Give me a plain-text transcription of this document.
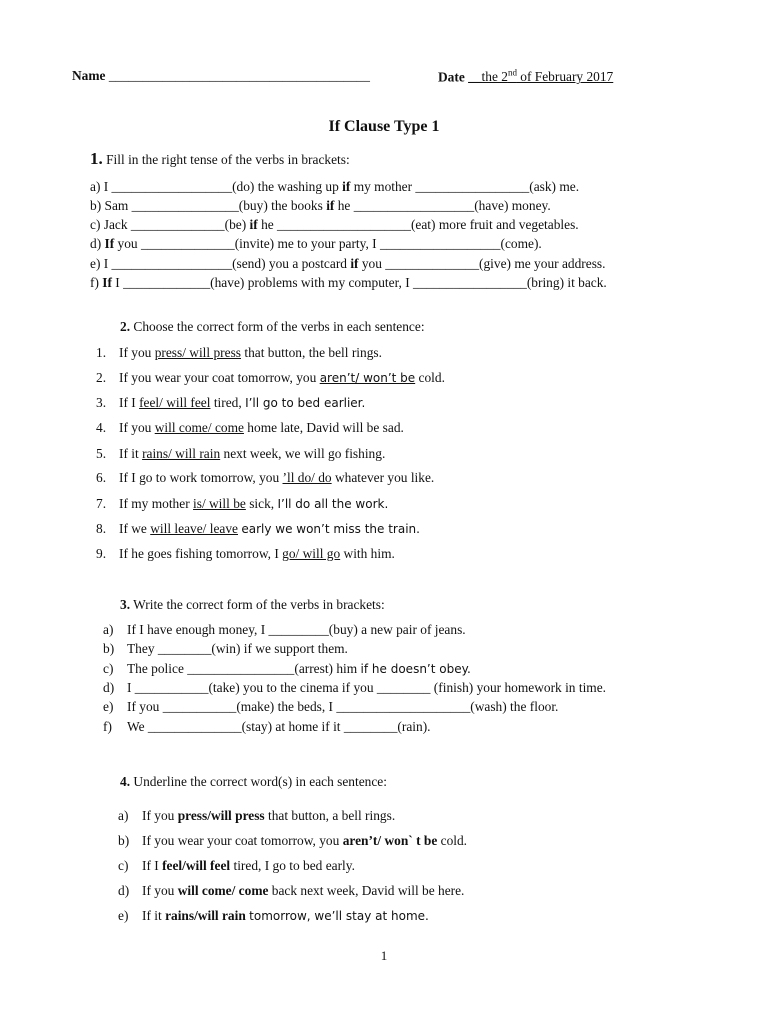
Name _______________________________________	Date __the 2nd of February 2017
If Clause Type 1
1. Fill in the right tense of the verbs in brackets:
a) I __________________(do) the washing up if my mother _________________(ask) me.
b) Sam ________________(buy) the books if he __________________(have) money.
c) Jack ______________(be) if he ____________________(eat) more fruit and vegetables.
d) If you ______________(invite) me to your party, I __________________(come).
e) I __________________(send) you a postcard if you ______________(give) me your address.
f) If I _____________(have) problems with my computer, I _________________(bring) it back.
2. Choose the correct form of the verbs in each sentence:
1. If you press/ will press that button, the bell rings.
2. If you wear your coat tomorrow, you aren’t/ won’t be cold.
3. If I feel/ will feel tired, I’ll go to bed earlier.
4. If you will come/ come home late, David will be sad.
5. If it rains/ will rain next week, we will go fishing.
6. If I go to work tomorrow, you ’ll do/ do whatever you like.
7. If my mother is/ will be sick, I’ll do all the work.
8. If we will leave/ leave early we won’t miss the train.
9. If he goes fishing tomorrow, I go/ will go with him.
3. Write the correct form of the verbs in brackets:
a) If I have enough money, I _________(buy) a new pair of jeans.
b) They ________(win) if we support them.
c) The police ________________(arrest) him if he doesn’t obey.
d) I ___________(take) you to the cinema if you ________ (finish) your homework in time.
e) If you ___________(make) the beds, I ____________________(wash) the floor.
f) We ______________(stay) at home if it ________(rain).
4. Underline the correct word(s) in each sentence:
a) If you press/will press that button, a bell rings.
b) If you wear your coat tomorrow, you aren’t/ won` t be cold.
c) If I feel/will feel tired, I go to bed early.
d) If you will come/ come back next week, David will be here.
e) If it rains/will rain tomorrow, we’ll stay at home.
1
